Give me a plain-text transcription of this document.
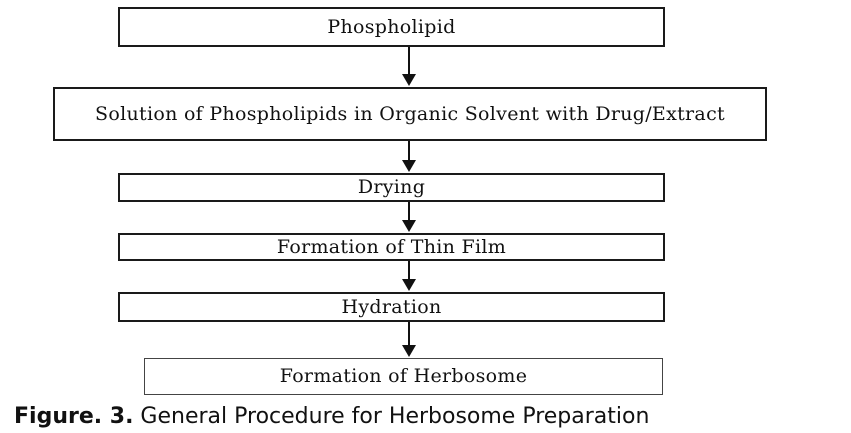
Phospholipid
Solution of Phospholipids in Organic Solvent with Drug/Extract
Drying
Formation of Thin Film
Hydration
Formation of Herbosome
Figure. 3. General Procedure for Herbosome Preparation
